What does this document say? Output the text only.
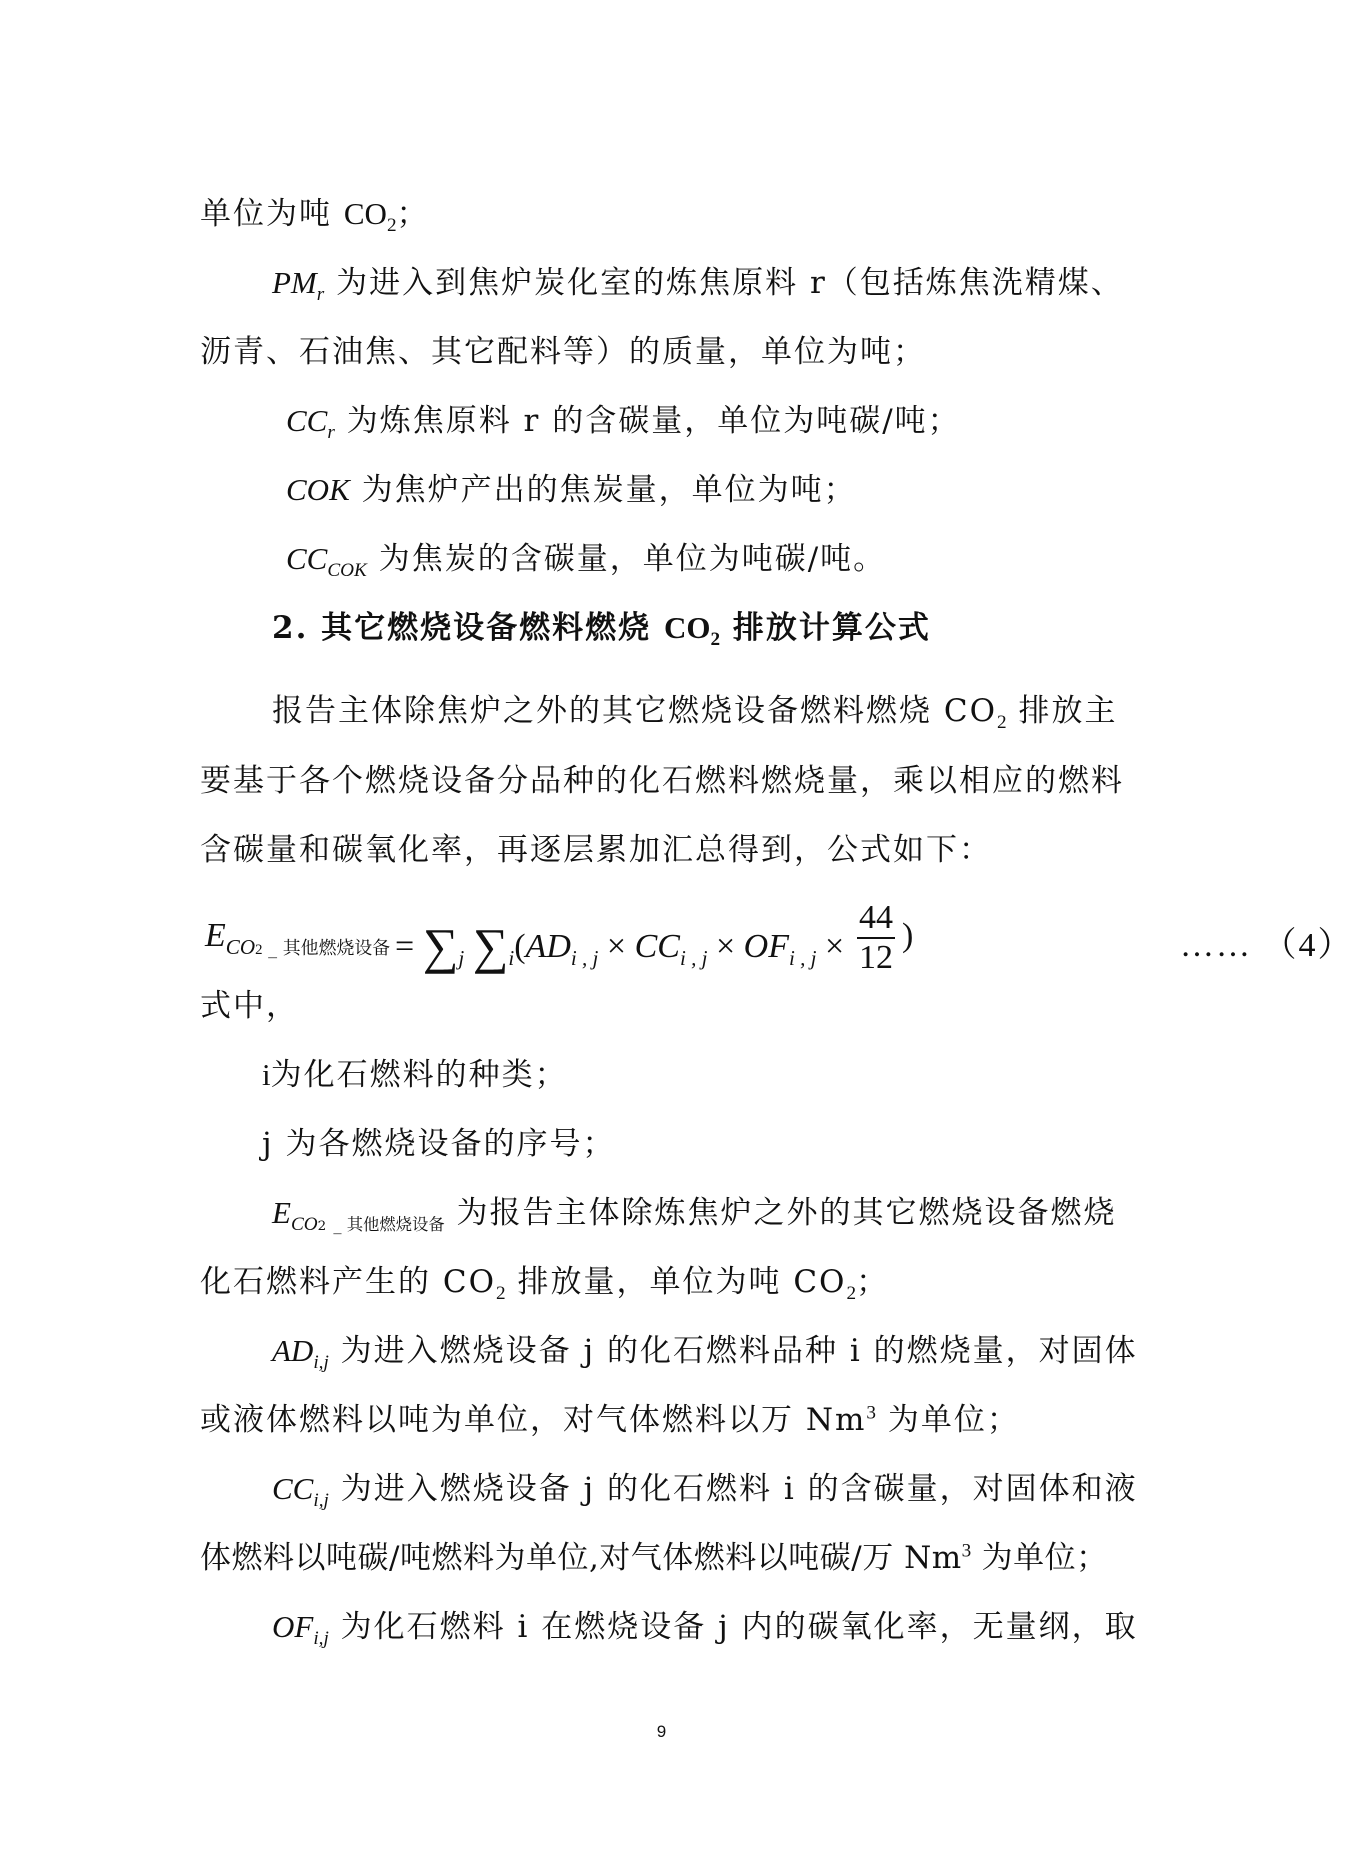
单位为吨 $CO_2$；
$PM_r$ 为进入到焦炉炭化室的炼焦原料 r（包括炼焦洗精煤、
沥青、石油焦、其它配料等）的质量，单位为吨；
$CC_r$ 为炼焦原料 r 的含碳量，单位为吨碳/吨；
COK 为焦炉产出的焦炭量，单位为吨；
$CC_{COK}$ 为焦炭的含碳量，单位为吨碳/吨。
2. 其它燃烧设备燃料燃烧 $CO_2$ 排放计算公式
报告主体除焦炉之外的其它燃烧设备燃料燃烧 $CO_2$ 排放主
要基于各个燃烧设备分品种的化石燃料燃烧量，乘以相应的燃料
含碳量和碳氧化率，再逐层累加汇总得到，公式如下：
$E_{CO2 \_ 其他燃烧设备} = \sum_j$ $\sum_i(AD_{i , j} \times CC_{i , j} \times OF_{i , j} \times \frac{44}{12}$ )	…… （4）
式中，
i为化石燃料的种类；
j 为各燃烧设备的序号；
$E_{CO2 \_ 其他燃烧设备}$ 为报告主体除炼焦炉之外的其它燃烧设备燃烧
化石燃料产生的 $CO_2$ 排放量，单位为吨 $CO_2$；
$AD_{i,j}$ 为进入燃烧设备 j 的化石燃料品种 i 的燃烧量，对固体
或液体燃料以吨为单位，对气体燃料以万 Nm$^3$ 为单位；
$CC_{i,j}$ 为进入燃烧设备 j 的化石燃料 i 的含碳量，对固体和液
体燃料以吨碳/吨燃料为单位,对气体燃料以吨碳/万 Nm$^3$ 为单位；
$OF_{i,j}$ 为化石燃料 i 在燃烧设备 j 内的碳氧化率，无量纲，取
9
